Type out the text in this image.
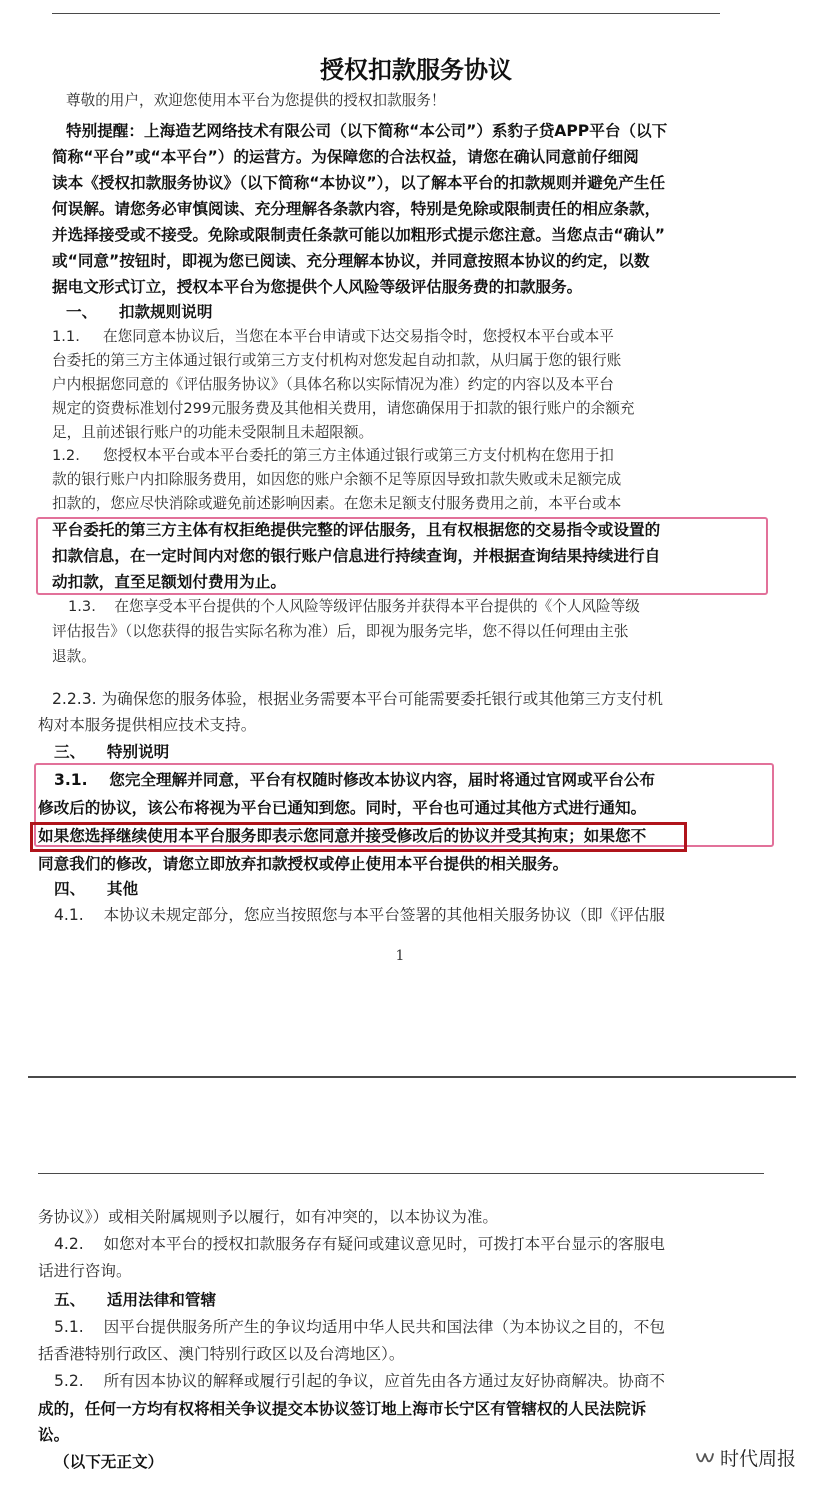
授权扣款服务协议
尊敬的用户，欢迎您使用本平台为您提供的授权扣款服务！
特别提醒：上海造艺网络技术有限公司（以下简称“本公司”）系豹子贷APP平台（以下
简称“平台”或“本平台”）的运营方。为保障您的合法权益，请您在确认同意前仔细阅
读本《授权扣款服务协议》（以下简称“本协议”），以了解本平台的扣款规则并避免产生任
何误解。请您务必审慎阅读、充分理解各条款内容，特别是免除或限制责任的相应条款，
并选择接受或不接受。免除或限制责任条款可能以加粗形式提示您注意。当您点击“确认”
或“同意”按钮时，即视为您已阅读、充分理解本协议，并同意按照本协议的约定，以数
据电文形式订立，授权本平台为您提供个人风险等级评估服务费的扣款服务。
一、    扣款规则说明
1.1.     在您同意本协议后，当您在本平台申请或下达交易指令时，您授权本平台或本平
台委托的第三方主体通过银行或第三方支付机构对您发起自动扣款，从归属于您的银行账
户内根据您同意的《评估服务协议》（具体名称以实际情况为准）约定的内容以及本平台
规定的资费标准划付299元服务费及其他相关费用，请您确保用于扣款的银行账户的余额充
足，且前述银行账户的功能未受限制且未超限额。
1.2.     您授权本平台或本平台委托的第三方主体通过银行或第三方支付机构在您用于扣
款的银行账户内扣除服务费用，如因您的账户余额不足等原因导致扣款失败或未足额完成
扣款的，您应尽快消除或避免前述影响因素。在您未足额支付服务费用之前，本平台或本
平台委托的第三方主体有权拒绝提供完整的评估服务，且有权根据您的交易指令或设置的
扣款信息，在一定时间内对您的银行账户信息进行持续查询，并根据查询结果持续进行自
动扣款，直至足额划付费用为止。
1.3.    在您享受本平台提供的个人风险等级评估服务并获得本平台提供的《个人风险等级
评估报告》（以您获得的报告实际名称为准）后，即视为服务完毕，您不得以任何理由主张
退款。
2.2.3. 为确保您的服务体验，根据业务需要本平台可能需要委托银行或其他第三方支付机
构对本服务提供相应技术支持。
三、    特别说明
3.1.    您完全理解并同意，平台有权随时修改本协议内容，届时将通过官网或平台公布
修改后的协议，该公布将视为平台已通知到您。同时，平台也可通过其他方式进行通知。
如果您选择继续使用本平台服务即表示您同意并接受修改后的协议并受其拘束；如果您不
同意我们的修改，请您立即放弃扣款授权或停止使用本平台提供的相关服务。
四、    其他
4.1.    本协议未规定部分，您应当按照您与本平台签署的其他相关服务协议（即《评估服
务协议》）或相关附属规则予以履行，如有冲突的，以本协议为准。
4.2.    如您对本平台的授权扣款服务存有疑问或建议意见时，可拨打本平台显示的客服电
话进行咨询。
五、    适用法律和管辖
5.1.    因平台提供服务所产生的争议均适用中华人民共和国法律（为本协议之目的，不包
括香港特别行政区、澳门特别行政区以及台湾地区）。
5.2.    所有因本协议的解释或履行引起的争议，应首先由各方通过友好协商解决。协商不
成的，任何一方均有权将相关争议提交本协议签订地上海市长宁区有管辖权的人民法院诉
讼。
（以下无正文）
1
时代周报
